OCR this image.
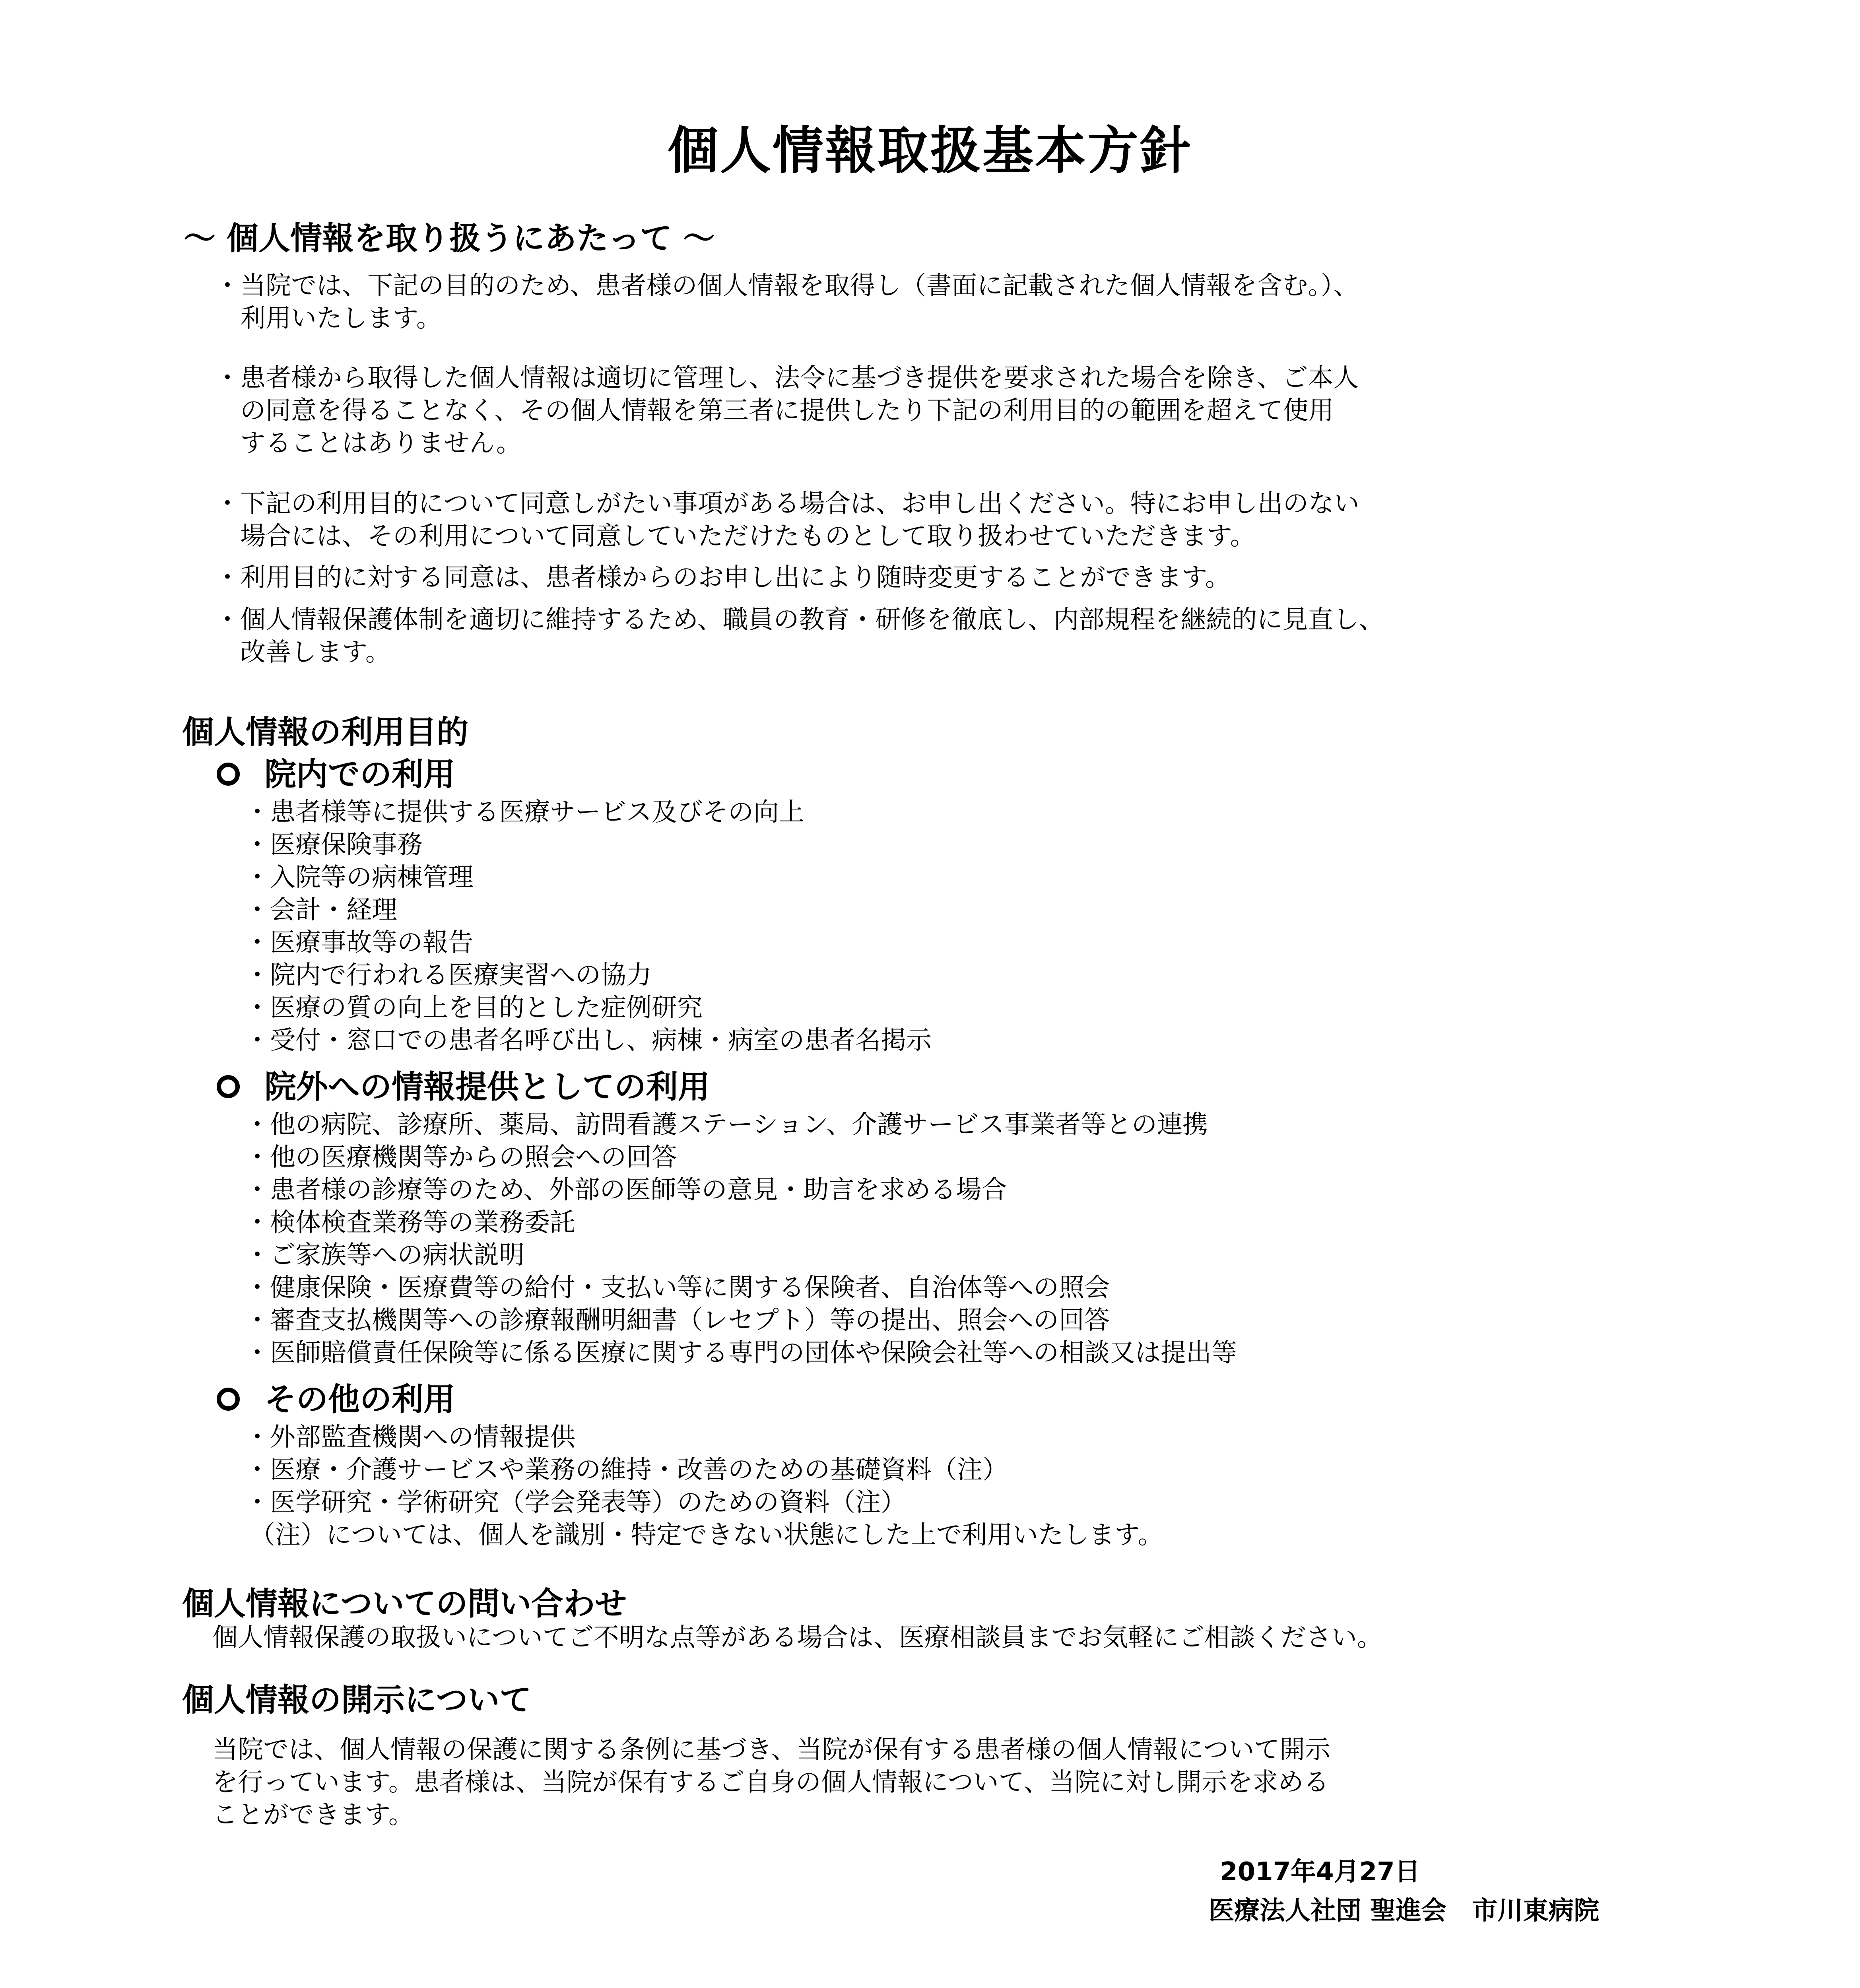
個人情報取扱基本方針
～ 個人情報を取り扱うにあたって ～
・ 当院では、下記の目的のため、患者様の個人情報を取得し（書面に記載された個人情報を含む。）、
利用いたします。
・ 患者様から取得した個人情報は適切に管理し、法令に基づき提供を要求された場合を除き、ご本人
の同意を得ることなく、その個人情報を第三者に提供したり下記の利用目的の範囲を超えて使用
することはありません。
・ 下記の利用目的について同意しがたい事項がある場合は、お申し出ください。特にお申し出のない
場合には、その利用について同意していただけたものとして取り扱わせていただきます。
・ 利用目的に対する同意は、患者様からのお申し出により随時変更することができます。
・ 個人情報保護体制を適切に維持するため、職員の教育・研修を徹底し、内部規程を継続的に見直し、
改善します。
個人情報の利用目的
院内での利用
・患者様等に提供する医療サービス及びその向上
・医療保険事務
・入院等の病棟管理
・会計・経理
・医療事故等の報告
・院内で行われる医療実習への協力
・医療の質の向上を目的とした症例研究
・受付・窓口での患者名呼び出し、病棟・病室の患者名掲示
院外への情報提供としての利用
・他の病院、診療所、薬局、訪問看護ステーション、介護サービス事業者等との連携
・他の医療機関等からの照会への回答
・患者様の診療等のため、外部の医師等の意見・助言を求める場合
・検体検査業務等の業務委託
・ご家族等への病状説明
・健康保険・医療費等の給付・支払い等に関する保険者、自治体等への照会
・審査支払機関等への診療報酬明細書（レセプト）等の提出、照会への回答
・医師賠償責任保険等に係る医療に関する専門の団体や保険会社等への相談又は提出等
その他の利用
・外部監査機関への情報提供
・医療・介護サービスや業務の維持・改善のための基礎資料（注）
・医学研究・学術研究（学会発表等）のための資料（注）
（注）については、個人を識別・特定できない状態にした上で利用いたします。
個人情報についての問い合わせ
個人情報保護の取扱いについてご不明な点等がある場合は、医療相談員までお気軽にご相談ください。
個人情報の開示について
当院では、個人情報の保護に関する条例に基づき、当院が保有する患者様の個人情報について開示
を行っています。患者様は、当院が保有するご自身の個人情報について、当院に対し開示を求める
ことができます。
2017年4月27日
医療法人社団 聖進会　市川東病院
